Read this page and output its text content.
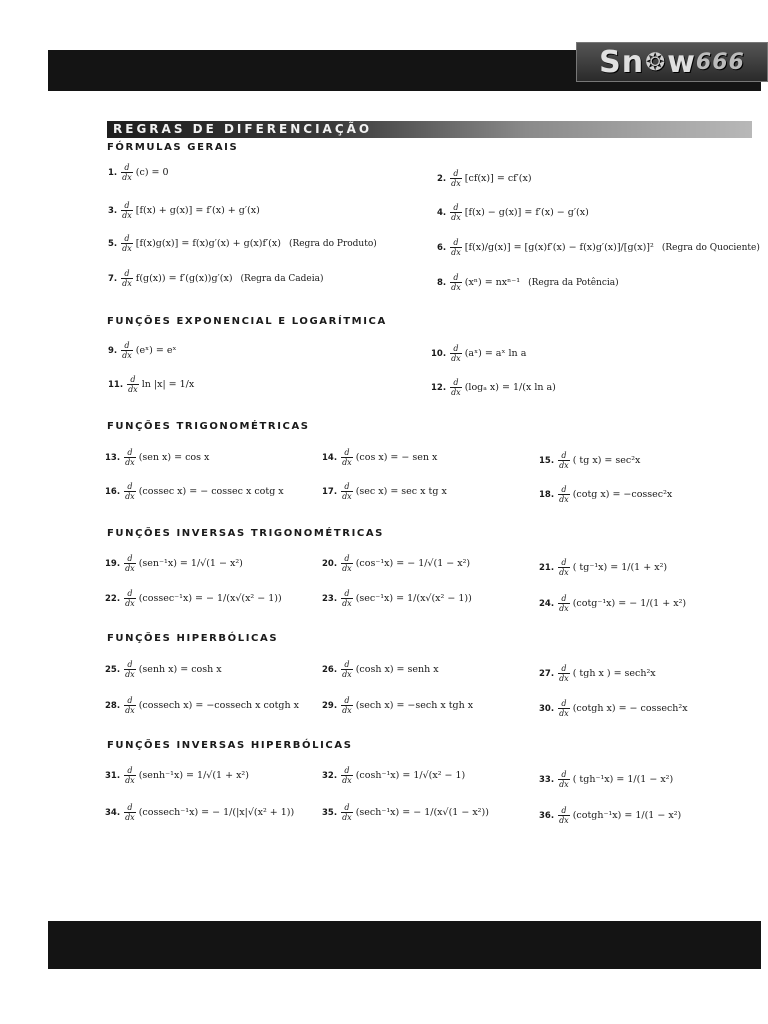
Sn ❂ w 666
REGRAS DE DIFERENCIAÇÃO
FÓRMULAS GERAIS
FUNÇÕES EXPONENCIAL E LOGARÍTMICA
FUNÇÕES TRIGONOMÉTRICAS
FUNÇÕES INVERSAS TRIGONOMÉTRICAS
FUNÇÕES HIPERBÓLICAS
FUNÇÕES INVERSAS HIPERBÓLICAS
1. $\frac{d}{dx} (c) = 0$
2. $\frac{d}{dx} [cf(x)] = cf'(x)$
3. $\frac{d}{dx} [f(x) + g(x)] = f'(x) + g'(x)$	4. $\frac{d}{dx} [f(x) - g(x)] = f'(x) - g'(x)$
5. $\frac{d}{dx} [f(x)g(x)] = f(x)g'(x) + g(x)f'(x)$ (Regra do Produto)	6. $\frac{d}{dx} [f(x)/g(x)] = [g(x)f'(x) - f(x)g'(x)]/[g(x)]^2$ (Regra do Quociente)
7. $\frac{d}{dx} f(g(x)) = f'(g(x))g'(x)$ (Regra da Cadeia)	8. $\frac{d}{dx} (x^n) = nx^{n-1}$ (Regra da Potência)
9. $\frac{d}{dx}$ (eˣ) = eˣ	10. $\frac{d}{dx}$ (aˣ) = aˣ ln a
11. $\frac{d}{dx}$ ln |x| = 1/x	12. $\frac{d}{dx} (\log_a$ x) = 1/(x ln a)
13. $\frac{d}{dx} (sen$ x) = cos x	14. $\frac{d}{dx} (\cos$ x) = − sen x	15. $\frac{d}{dx}$ ( tg x) = sec²x
16. $\frac{d}{dx} (cossec$ x) = − cossec x cotg x	17. $\frac{d}{dx} (\sec$ x) = sec x tg x	18. $\frac{d}{dx} (\cot g$ x) = −cossec²x
19. $\frac{d}{dx} (sen^{-1}x) = 1/√(1 - x^2)$	20. $\frac{d}{dx} (\cos^{-1}x)$ = − 1/√(1 − x²)	21. $\frac{d}{dx}$ ( tg⁻¹x) = 1/(1 + x²)
22. $\frac{d}{dx} (cossec^{-1}x)$ = − 1/(x√(x² − 1))	23. $\frac{d}{dx} (\sec^{-1}x) = 1/(x√(x^2 - 1))$	24. $\frac{d}{dx} (\cot g^{-1}x)$ = − 1/(1 + x²)
25. $\frac{d}{dx}$ (senh x) = cosh x	26. $\frac{d}{dx} (\cosh$ x) = senh x	27. $\frac{d}{dx}$ ( tgh x ) = sech²x
28. $\frac{d}{dx} (cossech$ x) = −cossech x cotgh x	29. $\frac{d}{dx} (\sec h$ x) = −sech x tgh x	30. $\frac{d}{dx}$ (cotgh x) = − cossech²x
31. $\frac{d}{dx}$ (senh⁻¹x) = 1/√(1 + x²)	32. $\frac{d}{dx} (\cosh^{-1}x) = 1/√(x^2 - 1)$	33. $\frac{d}{dx}$ ( tgh⁻¹x) = 1/(1 − x²)
34. $\frac{d}{dx} (cossech^{-1}x)$ = − 1/(|x|√(x² + 1))	35. $\frac{d}{dx} (\sec h^{-1}x)$ = − 1/(x√(1 − x²))	36. $\frac{d}{dx}$ (cotgh⁻¹x) = 1/(1 − x²)
